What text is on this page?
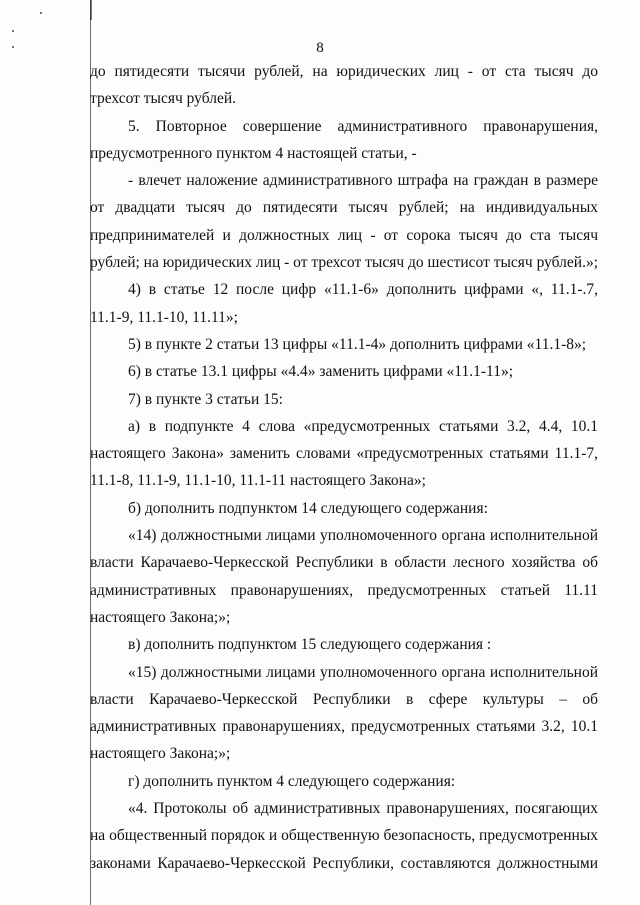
8
до пятидесяти тысячи рублей, на юридических лиц - от ста тысяч до
трехсот тысяч рублей.
5. Повторное совершение административного правонарушения,
предусмотренного пунктом 4 настоящей статьи, -
- влечет наложение административного штрафа на граждан в размере
от двадцати тысяч до пятидесяти тысяч рублей; на индивидуальных
предпринимателей и должностных лиц - от сорока тысяч до ста тысяч
рублей; на юридических лиц - от трехсот тысяч до шестисот тысяч рублей.»;
4) в статье 12 после цифр «11.1-6» дополнить цифрами «, 11.1-.7,
11.1-9, 11.1-10, 11.11»;
5) в пункте 2 статьи 13 цифры «11.1-4» дополнить цифрами «11.1-8»;
6) в статье 13.1 цифры «4.4» заменить цифрами «11.1-11»;
7) в пункте 3 статьи 15:
а) в подпункте 4 слова «предусмотренных статьями 3.2, 4.4, 10.1
настоящего Закона» заменить словами «предусмотренных статьями 11.1-7,
11.1-8, 11.1-9, 11.1-10, 11.1-11 настоящего Закона»;
б) дополнить подпунктом 14 следующего содержания:
«14) должностными лицами уполномоченного органа исполнительной
власти Карачаево-Черкесской Республики в области лесного хозяйства об
административных правонарушениях, предусмотренных статьей 11.11
настоящего Закона;»;
в) дополнить подпунктом 15 следующего содержания :
«15) должностными лицами уполномоченного органа исполнительной
власти Карачаево-Черкесской Республики в сфере культуры – об
административных правонарушениях, предусмотренных статьями 3.2, 10.1
настоящего Закона;»;
г) дополнить пунктом 4 следующего содержания:
«4. Протоколы об административных правонарушениях, посягающих
на общественный порядок и общественную безопасность, предусмотренных
законами Карачаево-Черкесской Республики, составляются должностными
